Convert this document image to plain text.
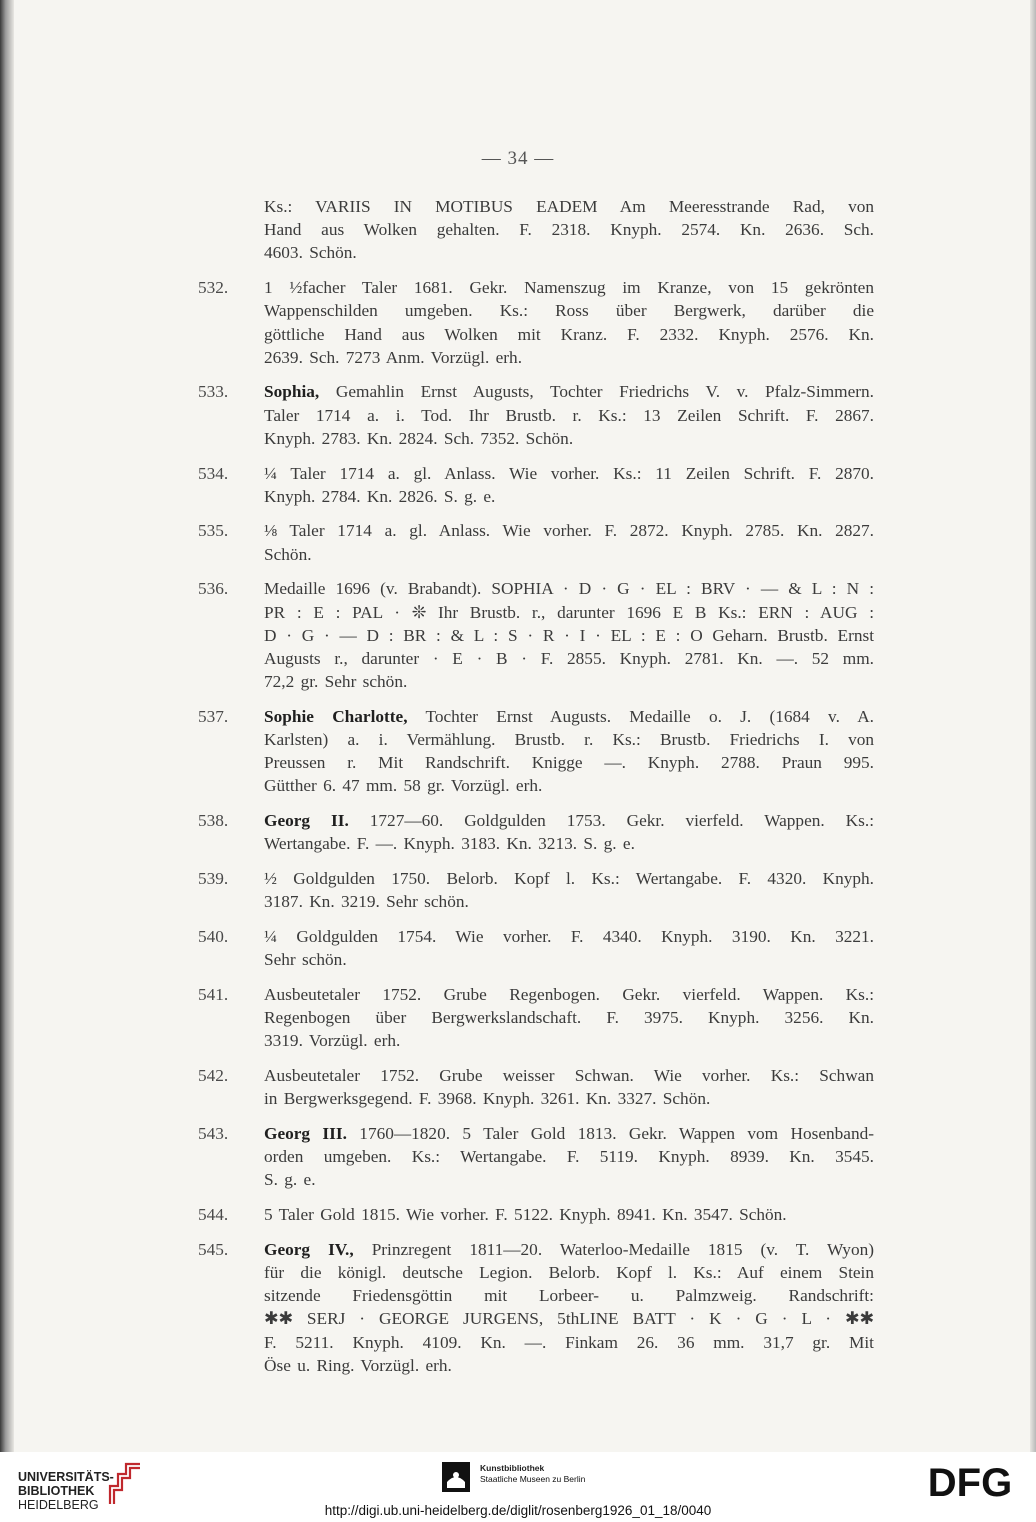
— 34 —
Ks.: VARIIS IN MOTIBUS EADEM Am Meeresstrande Rad, von
Hand aus Wolken gehalten. F. 2318. Knyph. 2574. Kn. 2636. Sch.
4603. Schön.
532.	1 ½facher Taler 1681. Gekr. Namenszug im Kranze, von 15 gekrönten
Wappenschilden umgeben. Ks.: Ross über Bergwerk, darüber die
göttliche Hand aus Wolken mit Kranz. F. 2332. Knyph. 2576. Kn.
2639. Sch. 7273 Anm. Vorzügl. erh.
533.	Sophia, Gemahlin Ernst Augusts, Tochter Friedrichs V. v. Pfalz-Simmern.
Taler 1714 a. i. Tod. Ihr Brustb. r. Ks.: 13 Zeilen Schrift. F. 2867.
Knyph. 2783. Kn. 2824. Sch. 7352. Schön.
534.	¼ Taler 1714 a. gl. Anlass. Wie vorher. Ks.: 11 Zeilen Schrift. F. 2870.
Knyph. 2784. Kn. 2826. S. g. e.
535.	⅛ Taler 1714 a. gl. Anlass. Wie vorher. F. 2872. Knyph. 2785. Kn. 2827.
Schön.
536.	Medaille 1696 (v. Brabandt). SOPHIA · D · G · EL : BRV · — & L : N :
PR : E : PAL · ❊ Ihr Brustb. r., darunter 1696 E B Ks.: ERN : AUG :
D · G · — D : BR : & L : S · R · I · EL : E : O Geharn. Brustb. Ernst
Augusts r., darunter · E · B · F. 2855. Knyph. 2781. Kn. —. 52 mm.
72,2 gr. Sehr schön.
537.	Sophie Charlotte, Tochter Ernst Augusts. Medaille o. J. (1684 v. A.
Karlsten) a. i. Vermählung. Brustb. r. Ks.: Brustb. Friedrichs I. von
Preussen r. Mit Randschrift. Knigge —. Knyph. 2788. Praun 995.
Gütther 6. 47 mm. 58 gr. Vorzügl. erh.
538.	Georg II. 1727—60. Goldgulden 1753. Gekr. vierfeld. Wappen. Ks.:
Wertangabe. F. —. Knyph. 3183. Kn. 3213. S. g. e.
539.	½ Goldgulden 1750. Belorb. Kopf l. Ks.: Wertangabe. F. 4320. Knyph.
3187. Kn. 3219. Sehr schön.
540.	¼ Goldgulden 1754. Wie vorher. F. 4340. Knyph. 3190. Kn. 3221.
Sehr schön.
541.	Ausbeutetaler 1752. Grube Regenbogen. Gekr. vierfeld. Wappen. Ks.:
Regenbogen über Bergwerkslandschaft. F. 3975. Knyph. 3256. Kn.
3319. Vorzügl. erh.
542.	Ausbeutetaler 1752. Grube weisser Schwan. Wie vorher. Ks.: Schwan
in Bergwerksgegend. F. 3968. Knyph. 3261. Kn. 3327. Schön.
543.	Georg III. 1760—1820. 5 Taler Gold 1813. Gekr. Wappen vom Hosenband-
orden umgeben. Ks.: Wertangabe. F. 5119. Knyph. 8939. Kn. 3545.
S. g. e.
544.	5 Taler Gold 1815. Wie vorher. F. 5122. Knyph. 8941. Kn. 3547. Schön.
545.	Georg IV., Prinzregent 1811—20. Waterloo-Medaille 1815 (v. T. Wyon)
für die königl. deutsche Legion. Belorb. Kopf l. Ks.: Auf einem Stein
sitzende Friedensgöttin mit Lorbeer- u. Palmzweig. Randschrift:
✱✱ SERJ · GEORGE JURGENS, 5thLINE BATT · K · G · L · ✱✱
F. 5211. Knyph. 4109. Kn. —. Finkam 26. 36 mm. 31,7 gr. Mit
Öse u. Ring. Vorzügl. erh.
UNIVERSITÄTS-
BIBLIOTHEK
HEIDELBERG
Kunstbibliothek
Staatliche Museen zu Berlin	DFG
http://digi.ub.uni-heidelberg.de/diglit/rosenberg1926_01_18/0040
